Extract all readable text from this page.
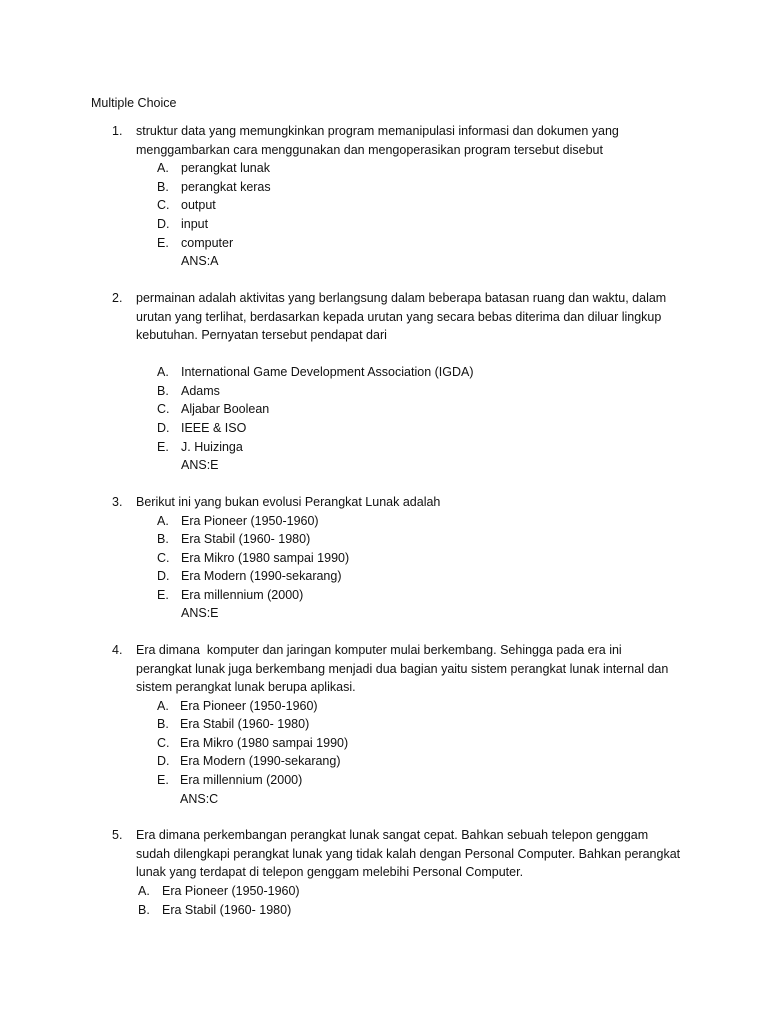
Multiple Choice
1. struktur data yang memungkinkan program memanipulasi informasi dan dokumen yang
menggambarkan cara menggunakan dan mengoperasikan program tersebut disebut
A. perangkat lunak
B. perangkat keras
C. output
D. input
E. computer
ANS:A
2. permainan adalah aktivitas yang berlangsung dalam beberapa batasan ruang dan waktu, dalam
urutan yang terlihat, berdasarkan kepada urutan yang secara bebas diterima dan diluar lingkup
kebutuhan. Pernyatan tersebut pendapat dari
A. International Game Development Association (IGDA)
B. Adams
C. Aljabar Boolean
D. IEEE & ISO
E. J. Huizinga
ANS:E
3. Berikut ini yang bukan evolusi Perangkat Lunak adalah
A. Era Pioneer (1950-1960)
B. Era Stabil (1960- 1980)
C. Era Mikro (1980 sampai 1990)
D. Era Modern (1990-sekarang)
E. Era millennium (2000)
ANS:E
4. Era dimana  komputer dan jaringan komputer mulai berkembang. Sehingga pada era ini
perangkat lunak juga berkembang menjadi dua bagian yaitu sistem perangkat lunak internal dan
sistem perangkat lunak berupa aplikasi.
A. Era Pioneer (1950-1960)
B. Era Stabil (1960- 1980)
C. Era Mikro (1980 sampai 1990)
D. Era Modern (1990-sekarang)
E. Era millennium (2000)
ANS:C
5. Era dimana perkembangan perangkat lunak sangat cepat. Bahkan sebuah telepon genggam
sudah dilengkapi perangkat lunak yang tidak kalah dengan Personal Computer. Bahkan perangkat
lunak yang terdapat di telepon genggam melebihi Personal Computer.
A. Era Pioneer (1950-1960)
B. Era Stabil (1960- 1980)
